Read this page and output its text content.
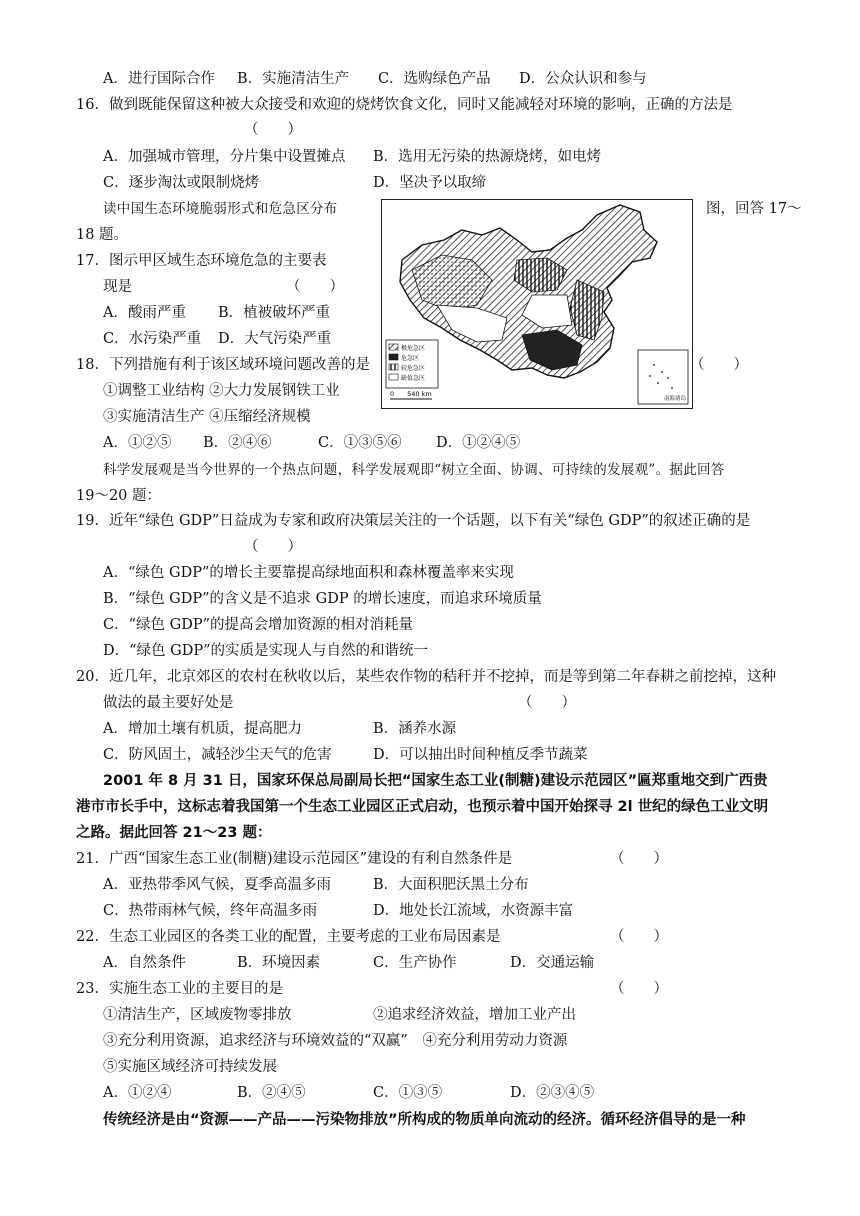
A．进行国际合作 B．实施清洁生产 C．选购绿色产品 D．公众认识和参与
16．做到既能保留这种被大众接受和欢迎的烧烤饮食文化，同时又能减轻对环境的影响，正确的方法是
（　　）
A．加强城市管理，分片集中设置摊点 B．选用无污染的热源烧烤，如电烤
C．逐步淘汰或限制烧烤	D．坚决予以取缔
读中国生态环境脆弱形式和危急区分布	图，回答 17～
18 题。
极危急区
危急区
较危急区
缺值急区
0　　540 km
南海诸岛
17．图示甲区域生态环境危急的主要表
现是	（　　）
A．酸雨严重 B．植被破坏严重
C．水污染严重 D．大气污染严重
18．下列措施有利于该区域环境问题改善的是	（　　）
①调整工业结构 ②大力发展钢铁工业
③实施清洁生产 ④压缩经济规模
A．①②⑤ B．②④⑥	C．①③⑤⑥ D．①②④⑤
科学发展观是当今世界的一个热点问题，科学发展观即“树立全面、协调、可持续的发展观”。据此回答
19～20 题：
19．近年“绿色 GDP”日益成为专家和政府决策层关注的一个话题，以下有关“绿色 GDP”的叙述正确的是
（　　）
A．“绿色 GDP”的增长主要靠提高绿地面积和森林覆盖率来实现
B．“绿色 GDP”的含义是不追求 GDP 的增长速度，而追求环境质量
C．“绿色 GDP”的提高会增加资源的相对消耗量
D．“绿色 GDP”的实质是实现人与自然的和谐统一
20．近几年，北京郊区的农村在秋收以后，某些农作物的秸秆并不挖掉，而是等到第二年春耕之前挖掉，这种
做法的最主要好处是	（　　）
A．增加土壤有机质，提高肥力	B．涵养水源
C．防风固土，减轻沙尘天气的危害	D．可以抽出时间种植反季节蔬菜
2001 年 8 月 31 日，国家环保总局副局长把“国家生态工业(制糖)建设示范园区”匾郑重地交到广西贵
港市市长手中，这标志着我国第一个生态工业园区正式启动，也预示着中国开始探寻 2l 世纪的绿色工业文明
之路。据此回答 21～23 题：
21．广西“国家生态工业(制糖)建设示范园区”建设的有利自然条件是	（　　）
A．亚热带季风气候，夏季高温多雨	B．大面积肥沃黑土分布
C．热带雨林气候，终年高温多雨	D．地处长江流域，水资源丰富
22．生态工业园区的各类工业的配置，主要考虑的工业布局因素是	（　　）
A．自然条件	B．环境因素	C．生产协作	D．交通运输
23．实施生态工业的主要目的是	（　　）
①清洁生产，区域废物零排放	②追求经济效益，增加工业产出
③充分利用资源，追求经济与环境效益的“双赢”　④充分利用劳动力资源
⑤实施区域经济可持续发展
A．①②④	B．②④⑤	C．①③⑤	D．②③④⑤
传统经济是由“资源——产品——污染物排放”所构成的物质单向流动的经济。循环经济倡导的是一种
